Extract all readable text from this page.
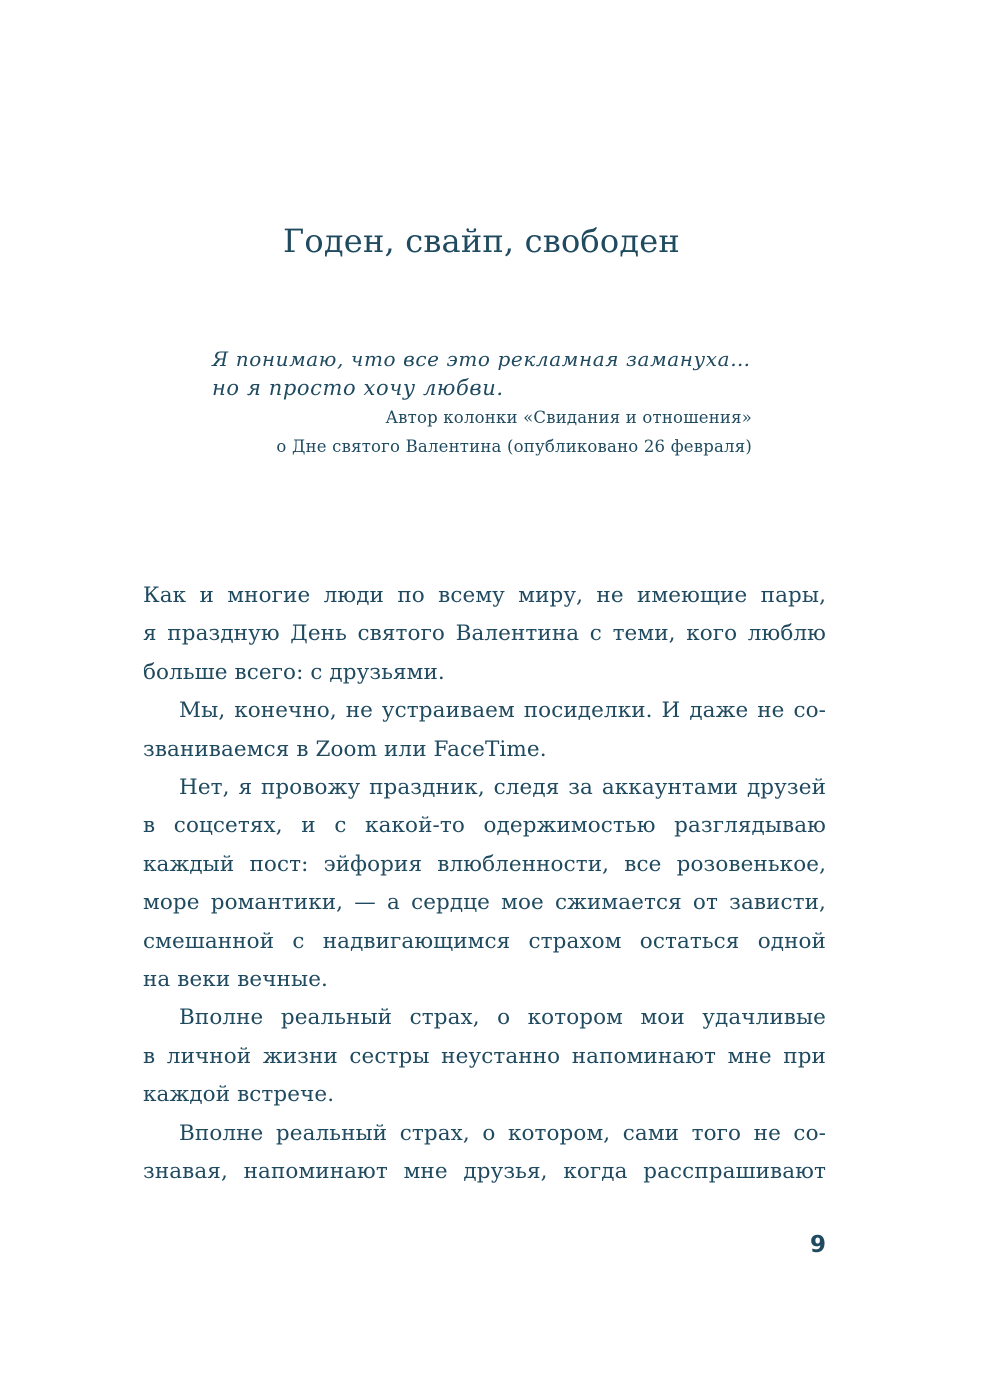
Годен, свайп, свободен
Я понимаю, что все это рекламная замануха…
но я просто хочу любви.
Автор колонки «Свидания и отношения»
о Дне святого Валентина (опубликовано 26 февраля)
Как и многие люди по всему миру, не имеющие пары,
я праздную День святого Валентина с теми, кого люблю
больше всего: с друзьями.
Мы, конечно, не устраиваем посиделки. И даже не со-
званиваемся в Zoom или FaceTime.
Нет, я провожу праздник, следя за аккаунтами друзей
в соцсетях, и с какой-то одержимостью разглядываю
каждый пост: эйфория влюбленности, все розовенькое,
море романтики, — а сердце мое сжимается от зависти,
смешанной с надвигающимся страхом остаться одной
на веки вечные.
Вполне реальный страх, о котором мои удачливые
в личной жизни сестры неустанно напоминают мне при
каждой встрече.
Вполне реальный страх, о котором, сами того не со-
знавая, напоминают мне друзья, когда расспрашивают
9
